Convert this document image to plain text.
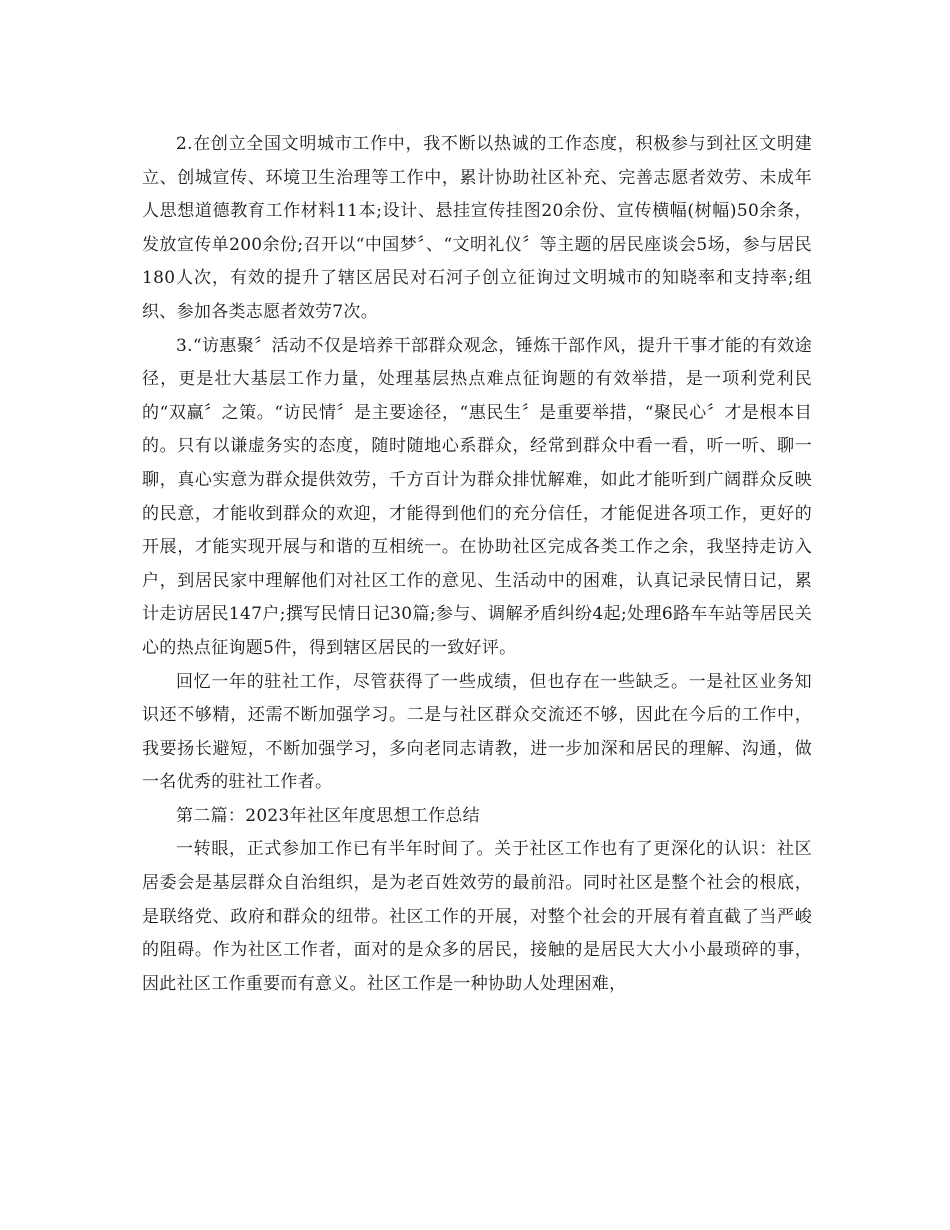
2.在创立全国文明城市工作中，我不断以热诚的工作态度，积极参与到社区文明建立、创城宣传、环境卫生治理等工作中，累计协助社区补充、完善志愿者效劳、未成年人思想道德教育工作材料11本;设计、悬挂宣传挂图20余份、宣传横幅(树幅)50余条，发放宣传单200余份;召开以“中国梦〞、“文明礼仪〞等主题的居民座谈会5场，参与居民180人次，有效的提升了辖区居民对石河子创立征询过文明城市的知晓率和支持率;组织、参加各类志愿者效劳7次。

3.“访惠聚〞活动不仅是培养干部群众观念，锤炼干部作风，提升干事才能的有效途径，更是壮大基层工作力量，处理基层热点难点征询题的有效举措，是一项利党利民的“双赢〞之策。“访民情〞是主要途径，“惠民生〞是重要举措，“聚民心〞才是根本目的。只有以谦虚务实的态度，随时随地心系群众，经常到群众中看一看，听一听、聊一聊，真心实意为群众提供效劳，千方百计为群众排忧解难，如此才能听到广阔群众反映的民意，才能收到群众的欢迎，才能得到他们的充分信任，才能促进各项工作，更好的开展，才能实现开展与和谐的互相统一。在协助社区完成各类工作之余，我坚持走访入户，到居民家中理解他们对社区工作的意见、生活动中的困难，认真记录民情日记，累计走访居民147户;撰写民情日记30篇;参与、调解矛盾纠纷4起;处理6路车车站等居民关心的热点征询题5件，得到辖区居民的一致好评。

回忆一年的驻社工作，尽管获得了一些成绩，但也存在一些缺乏。一是社区业务知识还不够精，还需不断加强学习。二是与社区群众交流还不够，因此在今后的工作中，我要扬长避短，不断加强学习，多向老同志请教，进一步加深和居民的理解、沟通，做一名优秀的驻社工作者。

第二篇：2023年社区年度思想工作总结

一转眼，正式参加工作已有半年时间了。关于社区工作也有了更深化的认识：社区居委会是基层群众自治组织，是为老百姓效劳的最前沿。同时社区是整个社会的根底，是联络党、政府和群众的纽带。社区工作的开展，对整个社会的开展有着直截了当严峻的阻碍。作为社区工作者，面对的是众多的居民，接触的是居民大大小小最琐碎的事，因此社区工作重要而有意义。社区工作是一种协助人处理困难，
